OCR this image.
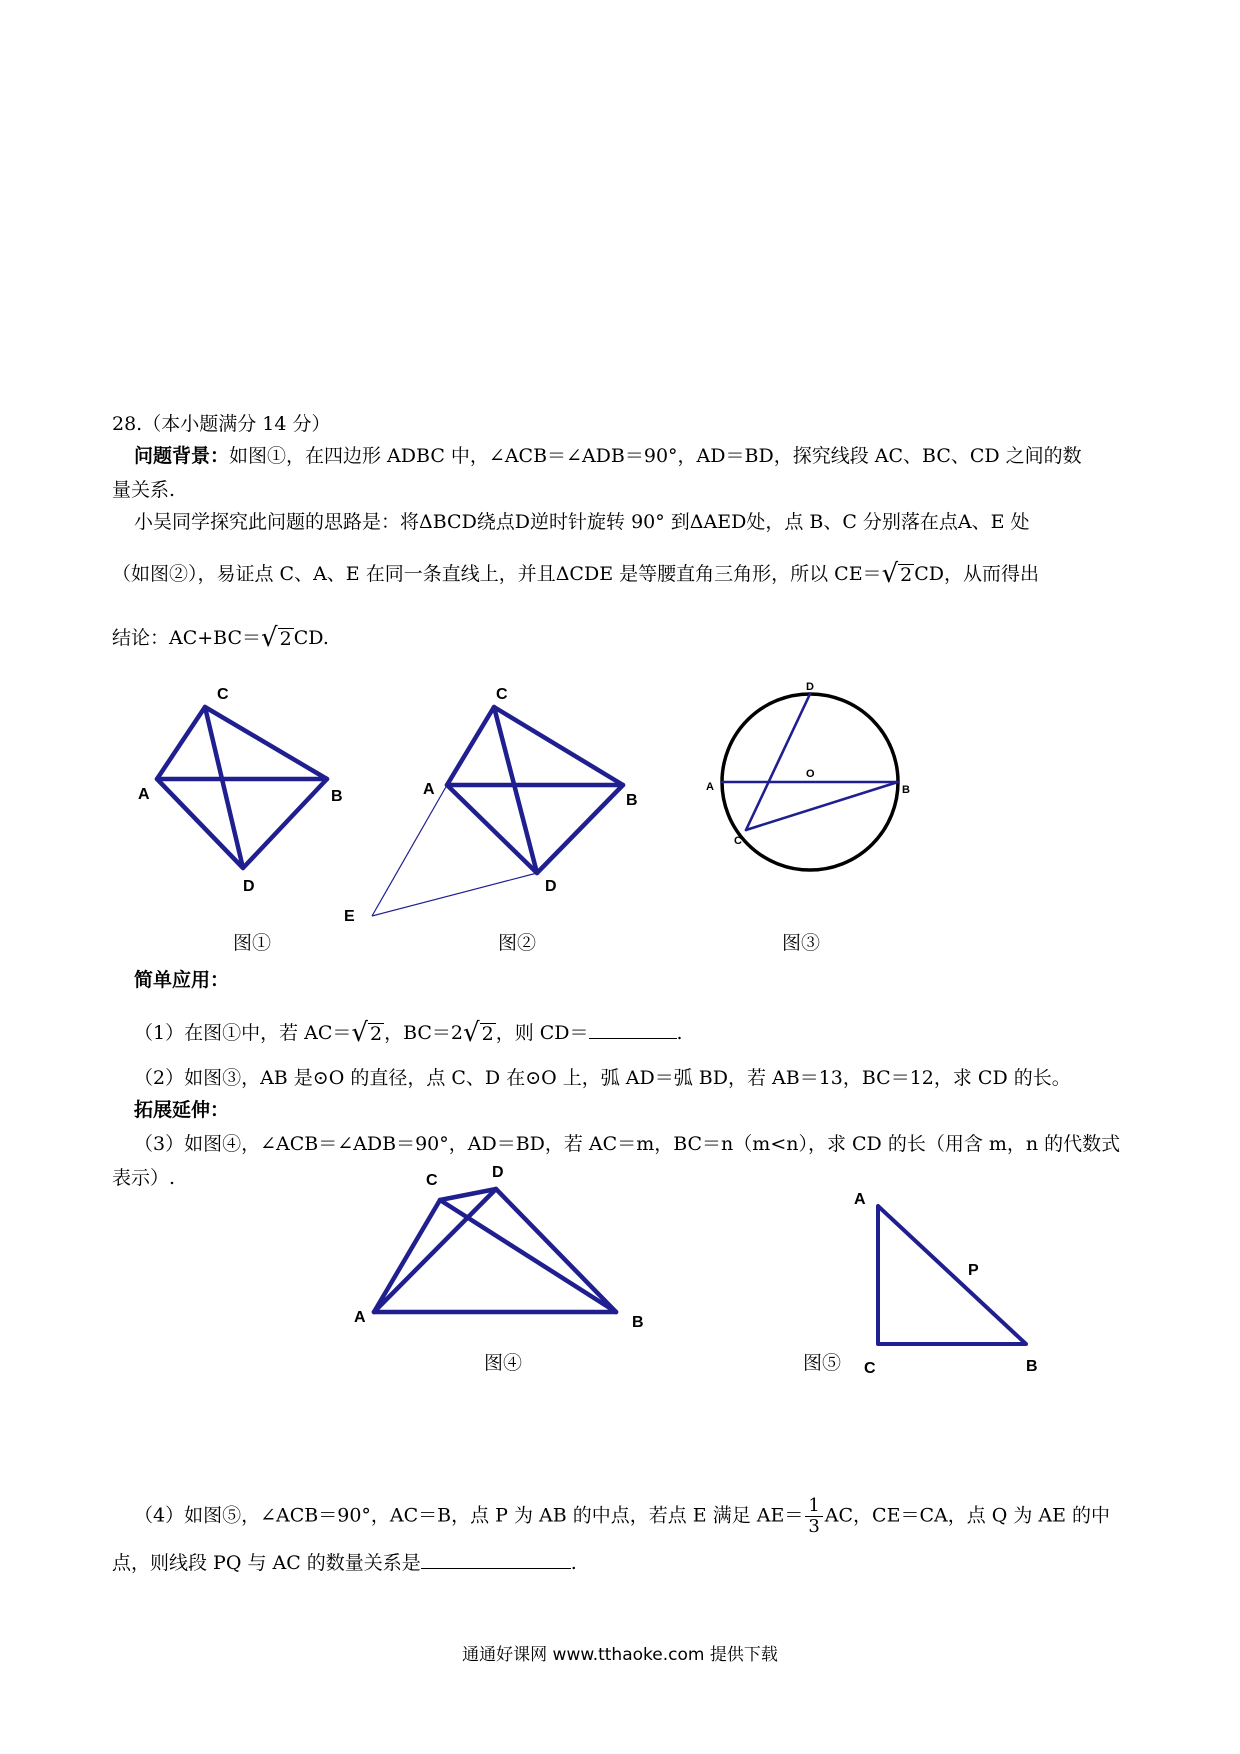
28.（本小题满分 14 分）
问题背景：如图①，在四边形 ADBC 中，∠ACB＝∠ADB＝90°，AD＝BD，探究线段 AC、BC、CD 之间的数
量关系.
小吴同学探究此问题的思路是：将ΔBCD绕点D逆时针旋转 90° 到ΔAED处，点 B、C 分别落在点A、E 处
（如图②），易证点 C、A、E 在同一条直线上，并且ΔCDE 是等腰直角三角形，所以 CE＝ √ 2 CD，从而得出
结论：AC+BC＝ √ 2 CD.
C
A	B
D
图①
C
A
B
D
E
图②
D
O
A	B
C
图③
简单应用：
（1）在图①中，若 AC＝ √ 2 ，BC＝2 √ 2 ，则 CD＝	.
（2）如图③，AB 是⊙O 的直径，点 C、D 在⊙O 上，弧 AD＝弧 BD，若 AB＝13，BC＝12，求 CD 的长。
拓展延伸：
（3）如图④，∠ACB＝∠ADB＝90°，AD＝BD，若 AC＝m，BC＝n（m<n），求 CD 的长（用含 m，n 的代数式
表示）.	C	D
A	B
图④
A
P
C	B
图⑤
（4）如图⑤，∠ACB＝90°，AC＝B，点 P 为 AB 的中点，若点 E 满足 $AE= \frac{1}{3}$ AC，CE＝CA，点 Q 为 AE 的中
点，则线段 PQ 与 AC 的数量关系是	.
通通好课网 www.tthaoke.com 提供下载
